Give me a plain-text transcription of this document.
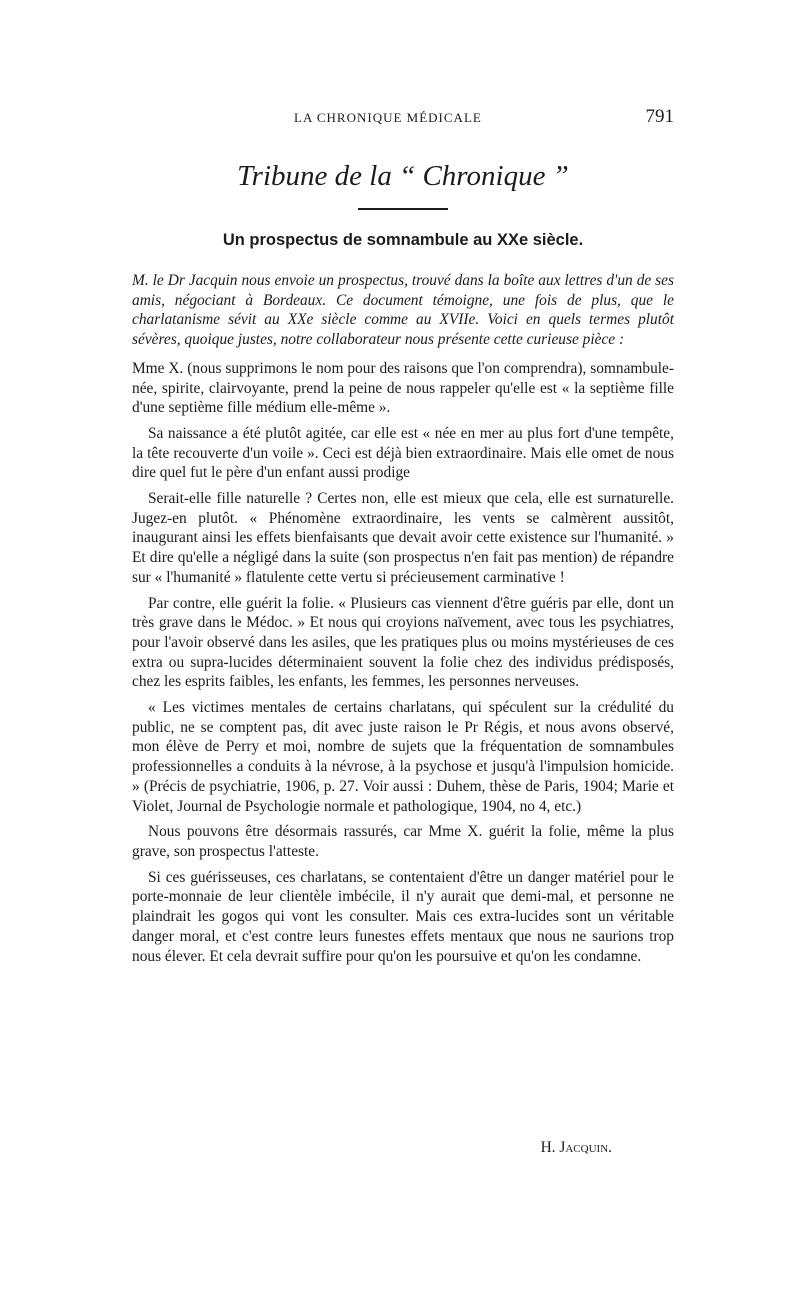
LA CHRONIQUE MÉDICALE	791
Tribune de la “ Chronique ”
Un prospectus de somnambule au XXe siècle.

M. le Dr Jacquin nous envoie un prospectus, trouvé dans la boîte aux lettres d'un de ses amis, négociant à Bordeaux. Ce document témoigne, une fois de plus, que le charlatanisme sévit au XXe siècle comme au XVIIe. Voici en quels termes plutôt sévères, quoique justes, notre collaborateur nous présente cette curieuse pièce :

Mme X. (nous supprimons le nom pour des raisons que l'on comprendra), somnambule-née, spirite, clairvoyante, prend la peine de nous rappeler qu'elle est « la septième fille d'une septième fille médium elle-même ».

Sa naissance a été plutôt agitée, car elle est « née en mer au plus fort d'une tempête, la tête recouverte d'un voile ». Ceci est déjà bien extraordinaire. Mais elle omet de nous dire quel fut le père d'un enfant aussi prodige

Serait-elle fille naturelle ? Certes non, elle est mieux que cela, elle est surnaturelle. Jugez-en plutôt. « Phénomène extraordinaire, les vents se calmèrent aussitôt, inaugurant ainsi les effets bienfaisants que devait avoir cette existence sur l'humanité. » Et dire qu'elle a négligé dans la suite (son prospectus n'en fait pas mention) de répandre sur « l'humanité » flatulente cette vertu si précieusement carminative !

Par contre, elle guérit la folie. « Plusieurs cas viennent d'être guéris par elle, dont un très grave dans le Médoc. » Et nous qui croyions naïvement, avec tous les psychiatres, pour l'avoir observé dans les asiles, que les pratiques plus ou moins mystérieuses de ces extra ou supra-lucides déterminaient souvent la folie chez des individus prédisposés, chez les esprits faibles, les enfants, les femmes, les personnes nerveuses.

« Les victimes mentales de certains charlatans, qui spéculent sur la crédulité du public, ne se comptent pas, dit avec juste raison le Pr Régis, et nous avons observé, mon élève de Perry et moi, nombre de sujets que la fréquentation de somnambules professionnelles a conduits à la névrose, à la psychose et jusqu'à l'impulsion homicide. » (Précis de psychiatrie, 1906, p. 27. Voir aussi : Duhem, thèse de Paris, 1904; Marie et Violet, Journal de Psychologie normale et pathologique, 1904, no 4, etc.)

Nous pouvons être désormais rassurés, car Mme X. guérit la folie, même la plus grave, son prospectus l'atteste.

Si ces guérisseuses, ces charlatans, se contentaient d'être un danger matériel pour le porte-monnaie de leur clientèle imbécile, il n'y aurait que demi-mal, et personne ne plaindrait les gogos qui vont les consulter. Mais ces extra-lucides sont un véritable danger moral, et c'est contre leurs funestes effets mentaux que nous ne saurions trop nous élever. Et cela devrait suffire pour qu'on les poursuive et qu'on les condamne.

H. Jacquin.
